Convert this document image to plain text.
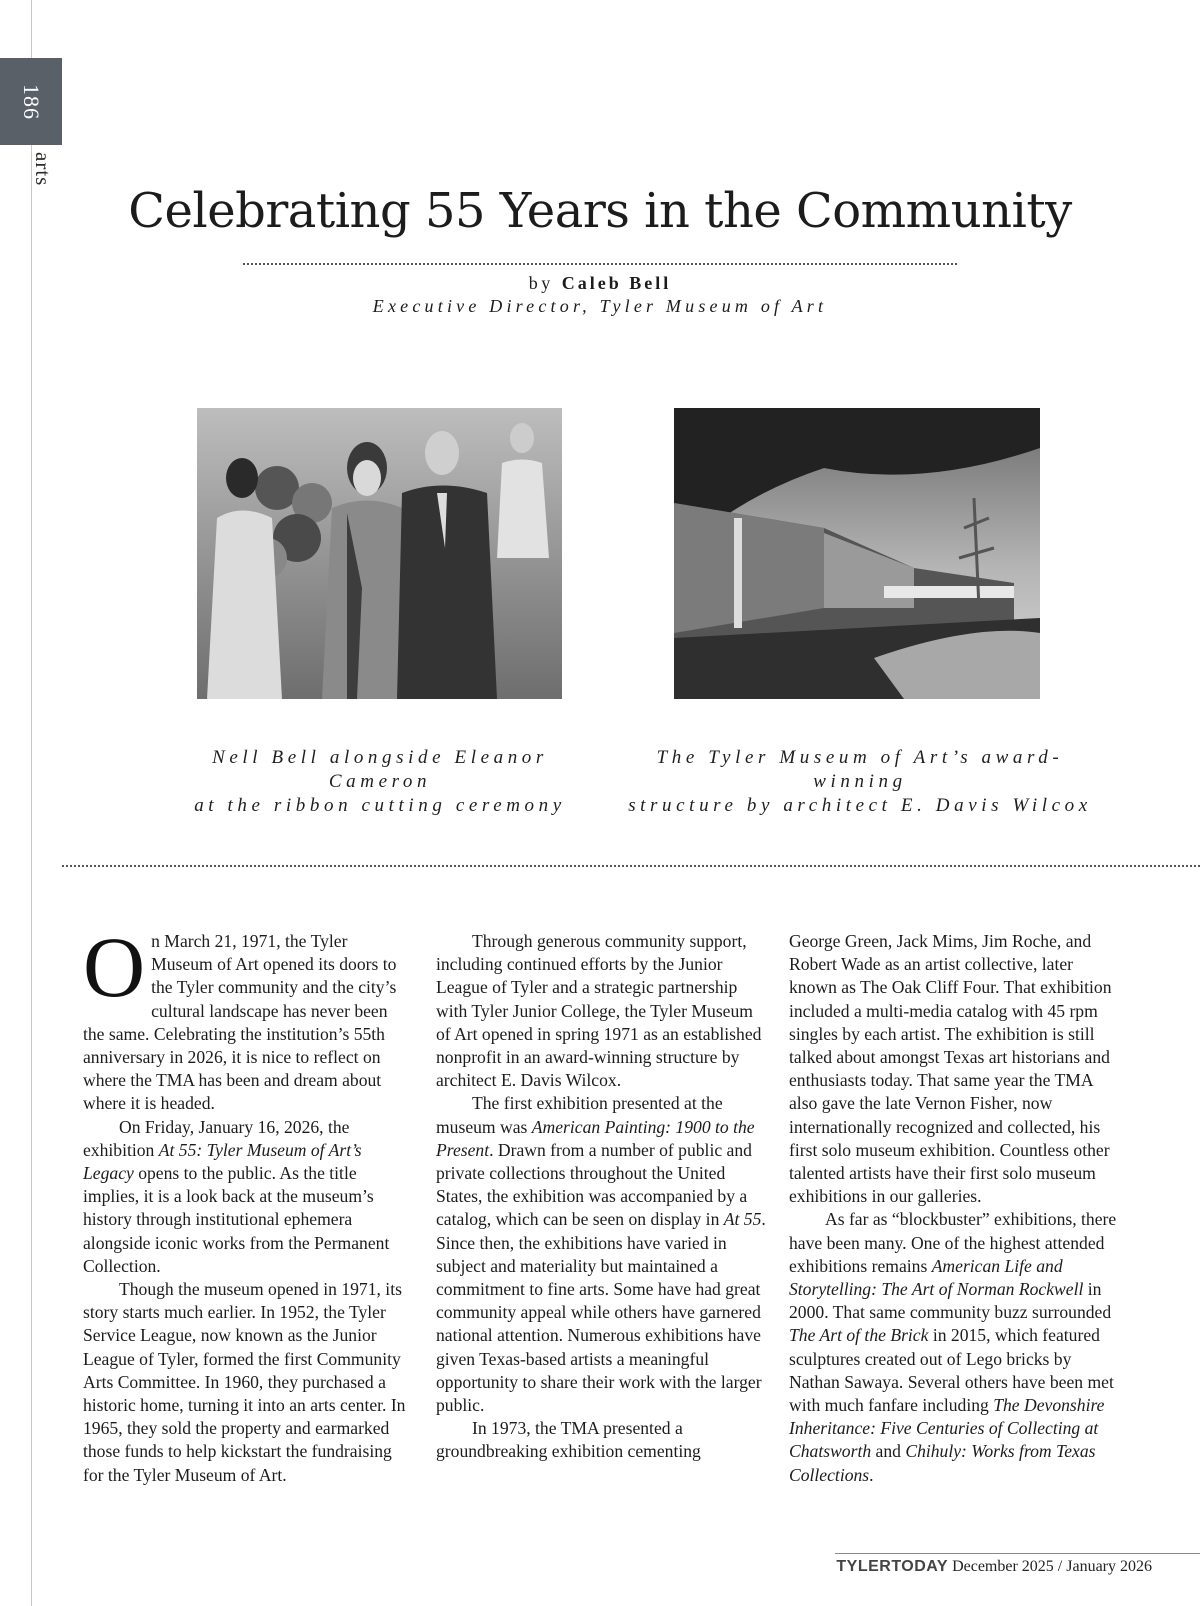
186
arts
Celebrating 55 Years in the Community
by Caleb Bell
Executive Director, Tyler Museum of Art
Nell Bell alongside Eleanor Cameron
at the ribbon cutting ceremony
The Tyler Museum of Art’s award-winning
structure by architect E. Davis Wilcox

On March 21, 1971, the Tyler Museum of Art opened its doors to the Tyler community and the city’s cultural landscape has never been the same. Celebrating the institution’s 55th anniversary in 2026, it is nice to reflect on where the TMA has been and dream about where it is headed.

On Friday, January 16, 2026, the exhibition At 55: Tyler Museum of Art’s Legacy opens to the public. As the title implies, it is a look back at the museum’s history through institutional ephemera alongside iconic works from the Permanent Collection.

Though the museum opened in 1971, its story starts much earlier. In 1952, the Tyler Service League, now known as the Junior League of Tyler, formed the first Community Arts Committee. In 1960, they purchased a historic home, turning it into an arts center. In 1965, they sold the property and earmarked those funds to help kickstart the fundraising for the Tyler Museum of Art.

Through generous community support, including continued efforts by the Junior League of Tyler and a strategic partnership with Tyler Junior College, the Tyler Museum of Art opened in spring 1971 as an established nonprofit in an award-winning structure by architect E. Davis Wilcox.

The first exhibition presented at the museum was American Painting: 1900 to the Present. Drawn from a number of public and private collections throughout the United States, the exhibition was accompanied by a catalog, which can be seen on display in At 55. Since then, the exhibitions have varied in subject and materiality but maintained a commitment to fine arts. Some have had great community appeal while others have garnered national attention. Numerous exhibitions have given Texas-based artists a meaningful opportunity to share their work with the larger public.

In 1973, the TMA presented a groundbreaking exhibition cementing

George Green, Jack Mims, Jim Roche, and Robert Wade as an artist collective, later known as The Oak Cliff Four. That exhibition included a multi-media catalog with 45 rpm singles by each artist. The exhibition is still talked about amongst Texas art historians and enthusiasts today. That same year the TMA also gave the late Vernon Fisher, now internationally recognized and collected, his first solo museum exhibition. Countless other talented artists have their first solo museum exhibitions in our galleries.

As far as “blockbuster” exhibitions, there have been many. One of the highest attended exhibitions remains American Life and Storytelling: The Art of Norman Rockwell in 2000. That same community buzz surrounded The Art of the Brick in 2015, which featured sculptures created out of Lego bricks by Nathan Sawaya. Several others have been met with much fanfare including The Devonshire Inheritance: Five Centuries of Collecting at Chatsworth and Chihuly: Works from Texas Collections.

TYLERTODAY December 2025 / January 2026
